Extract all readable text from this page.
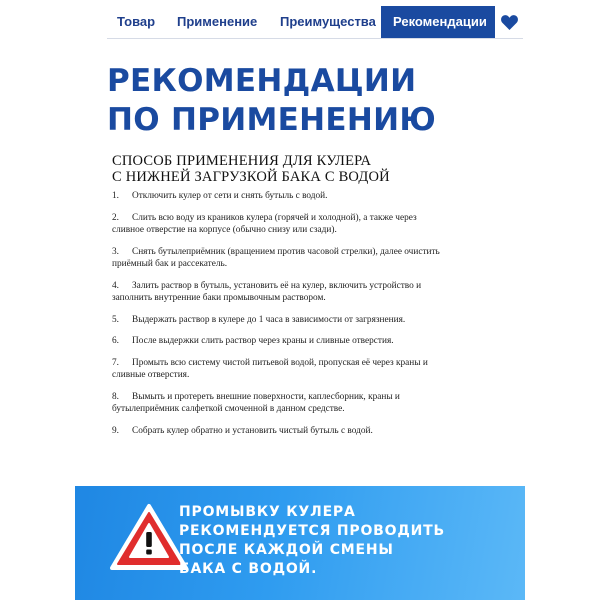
Товар	Применение	Преимущества	Рекомендации
РЕКОМЕНДАЦИИ
ПО ПРИМЕНЕНИЮ
СПОСОБ ПРИМЕНЕНИЯ ДЛЯ КУЛЕРА
С НИЖНЕЙ ЗАГРУЗКОЙ БАКА С ВОДОЙ
1. Отключить кулер от сети и снять бутыль с водой.
2. Слить всю воду из краников кулера (горячей и холодной), а также через сливное отверстие на корпусе (обычно снизу или сзади).
3. Снять бутылеприёмник (вращением против часовой стрелки), далее очистить приёмный бак и рассекатель.
4. Залить раствор в бутыль, установить её на кулер, включить устройство и заполнить внутренние баки промывочным раствором.
5. Выдержать раствор в кулере до 1 часа в зависимости от загрязнения.
6. После выдержки слить раствор через краны и сливные отверстия.
7. Промыть всю систему чистой питьевой водой, пропуская её через краны и сливные отверстия.
8. Вымыть и протереть внешние поверхности, каплесборник, краны и бутылеприёмник салфеткой смоченной в данном средстве.
9. Собрать кулер обратно и установить чистый бутыль с водой.
ПРОМЫВКУ КУЛЕРА
РЕКОМЕНДУЕТСЯ ПРОВОДИТЬ
ПОСЛЕ КАЖДОЙ СМЕНЫ
БАКА С ВОДОЙ.
